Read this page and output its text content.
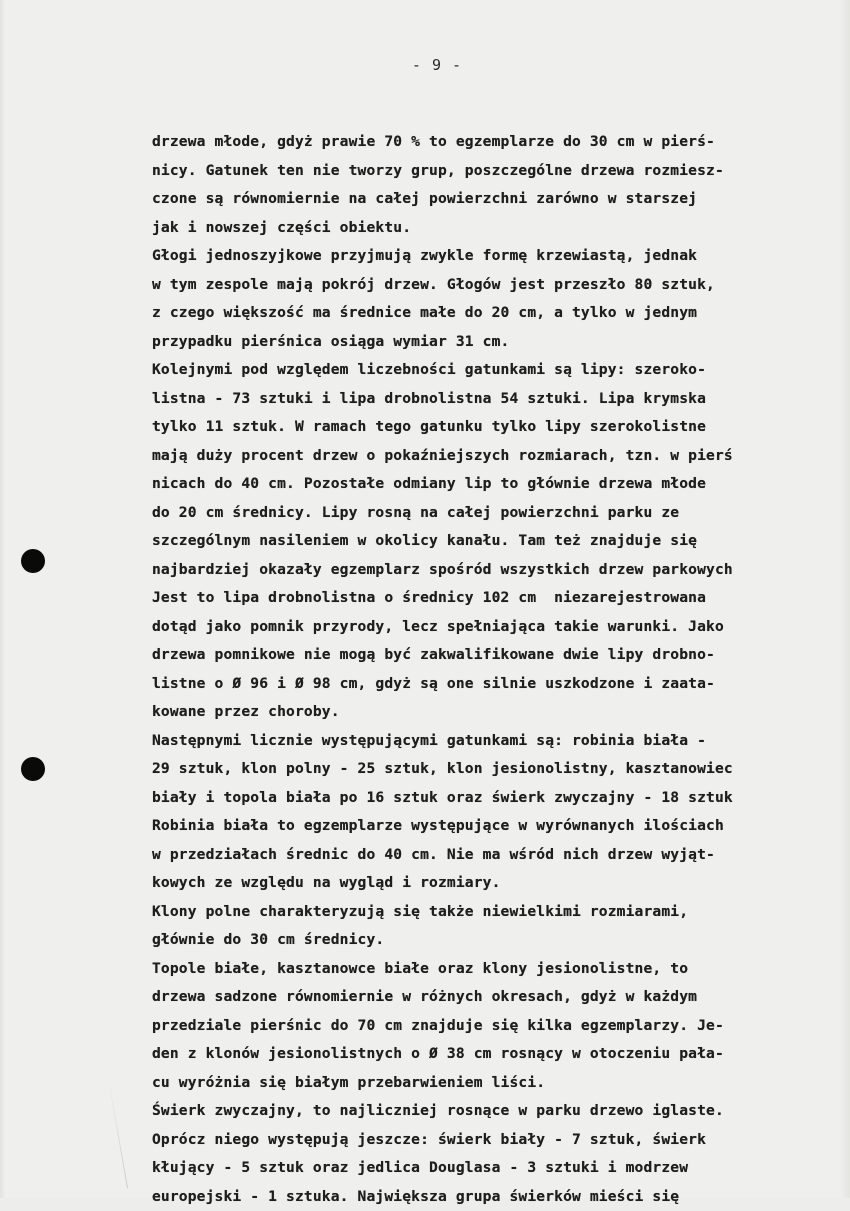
- 9 -
drzewa młode, gdyż prawie 70 % to egzemplarze do 30 cm w pierś-
nicy. Gatunek ten nie tworzy grup, poszczególne drzewa rozmiesz-
czone są równomiernie na całej powierzchni zarówno w starszej
jak i nowszej części obiektu.
Głogi jednoszyjkowe przyjmują zwykle formę krzewiastą, jednak
w tym zespole mają pokrój drzew. Głogów jest przeszło 80 sztuk,
z czego większość ma średnice małe do 20 cm, a tylko w jednym
przypadku pierśnica osiąga wymiar 31 cm.
Kolejnymi pod względem liczebności gatunkami są lipy: szeroko-
listna - 73 sztuki i lipa drobnolistna 54 sztuki. Lipa krymska
tylko 11 sztuk. W ramach tego gatunku tylko lipy szerokolistne
mają duży procent drzew o pokaźniejszych rozmiarach, tzn. w pierś
nicach do 40 cm. Pozostałe odmiany lip to głównie drzewa młode
do 20 cm średnicy. Lipy rosną na całej powierzchni parku ze
szczególnym nasileniem w okolicy kanału. Tam też znajduje się
najbardziej okazały egzemplarz spośród wszystkich drzew parkowych
Jest to lipa drobnolistna o średnicy 102 cm  niezarejestrowana
dotąd jako pomnik przyrody, lecz spełniająca takie warunki. Jako
drzewa pomnikowe nie mogą być zakwalifikowane dwie lipy drobno-
listne o Ø 96 i Ø 98 cm, gdyż są one silnie uszkodzone i zaata-
kowane przez choroby.
Następnymi licznie występującymi gatunkami są: robinia biała -
29 sztuk, klon polny - 25 sztuk, klon jesionolistny, kasztanowiec
biały i topola biała po 16 sztuk oraz świerk zwyczajny - 18 sztuk
Robinia biała to egzemplarze występujące w wyrównanych ilościach
w przedziałach średnic do 40 cm. Nie ma wśród nich drzew wyjąt-
kowych ze względu na wygląd i rozmiary.
Klony polne charakteryzują się także niewielkimi rozmiarami,
głównie do 30 cm średnicy.
Topole białe, kasztanowce białe oraz klony jesionolistne, to
drzewa sadzone równomiernie w różnych okresach, gdyż w każdym
przedziale pierśnic do 70 cm znajduje się kilka egzemplarzy. Je-
den z klonów jesionolistnych o Ø 38 cm rosnący w otoczeniu pała-
cu wyróżnia się białym przebarwieniem liści.
Świerk zwyczajny, to najliczniej rosnące w parku drzewo iglaste.
Oprócz niego występują jeszcze: świerk biały - 7 sztuk, świerk
kłujący - 5 sztuk oraz jedlica Douglasa - 3 sztuki i modrzew
europejski - 1 sztuka. Największa grupa świerków mieści się
